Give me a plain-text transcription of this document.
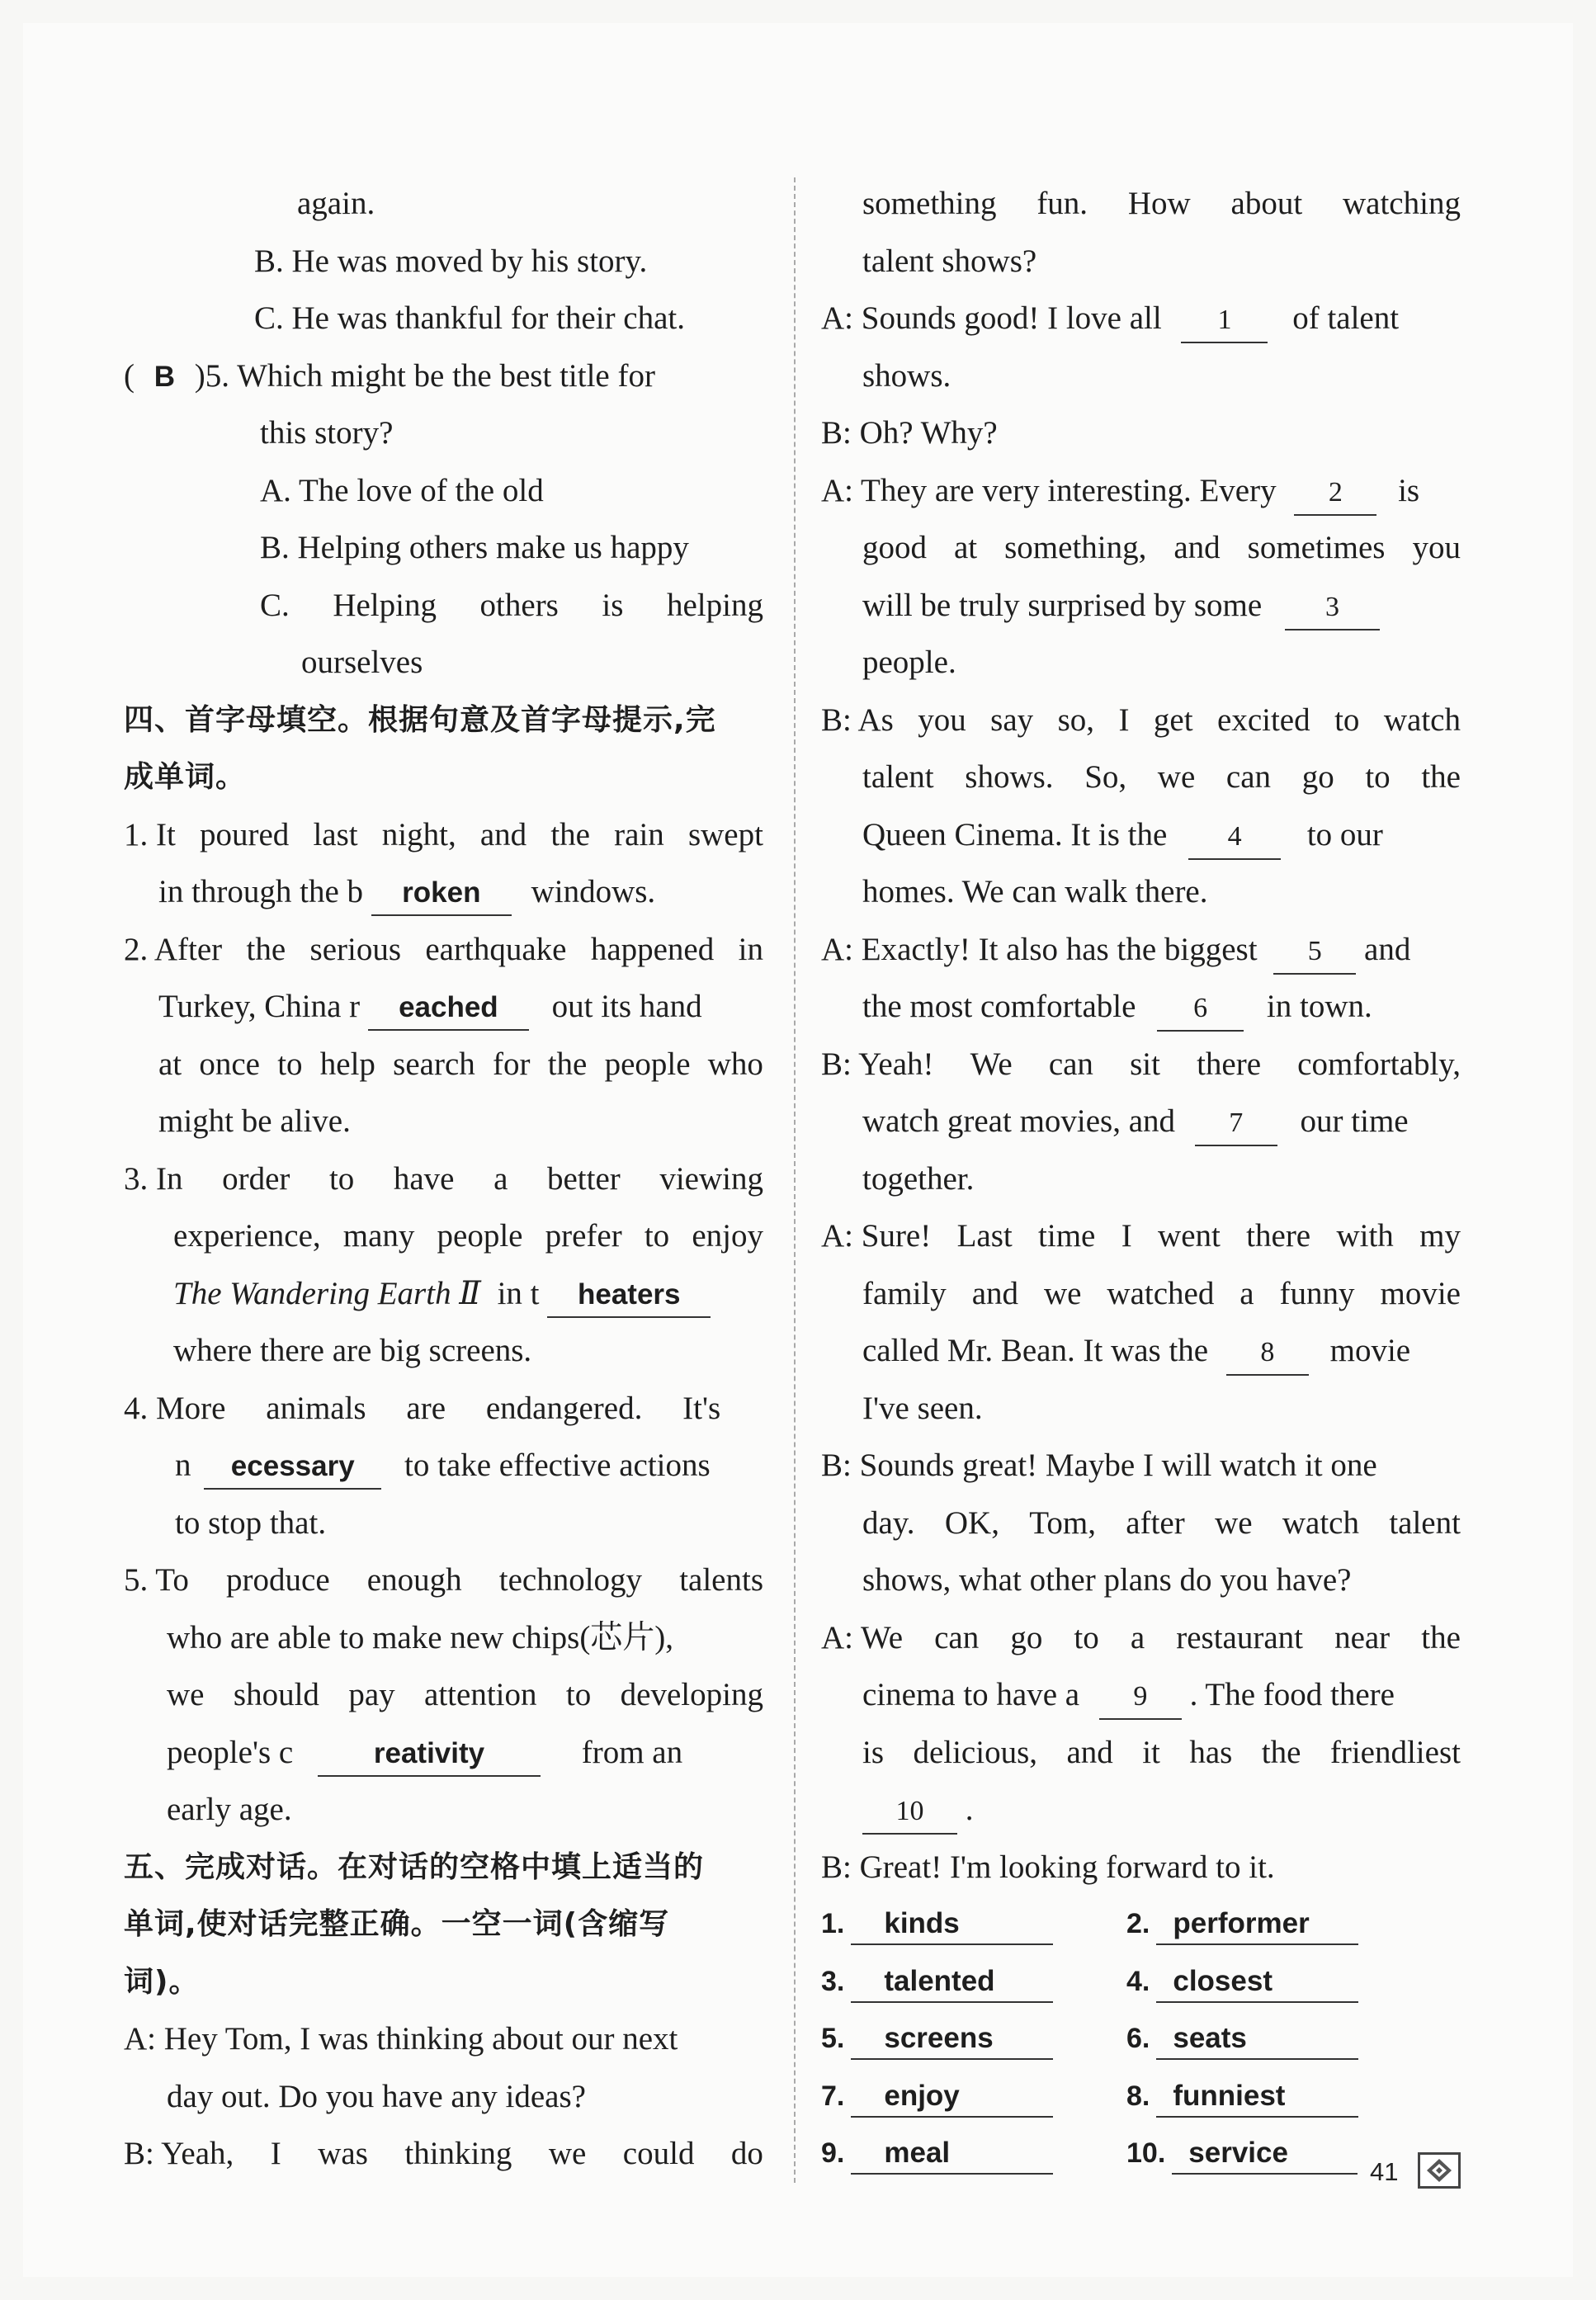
again.
B. He was moved by his story.
C. He was thankful for their chat.
( B )5. Which might be the best title for
this story?
A. The love of the old
B. Helping others make us happy
C. Helping others is helping
ourselves
四、首字母填空。根据句意及首字母提示,完
成单词。
1. It poured last night, and the rain swept
in through the b roken windows.
2. After the serious earthquake happened in
Turkey, China r eached out its hand
at once to help search for the people who
might be alive.
3. In order to have a better viewing
experience, many people prefer to enjoy
The Wandering Earth Ⅱ in t heaters
where there are big screens.
4. More animals are endangered. It's
n ecessary to take effective actions
to stop that.
5. To produce enough technology talents
who are able to make new chips(芯片),
we should pay attention to developing
people's c	reativity	from an
early age.
五、完成对话。在对话的空格中填上适当的
单词,使对话完整正确。一空一词(含缩写
词)。
A: Hey Tom, I was thinking about our next
day out. Do you have any ideas?
B: Yeah, I was thinking we could do
something fun. How about watching
talent shows?
A: Sounds good! I love all 1 of talent
shows.
B: Oh? Why?
A: They are very interesting. Every 2 is
good at something, and sometimes you
will be truly surprised by some 3
people.
B: As you say so, I get excited to watch
talent shows. So, we can go to the
Queen Cinema. It is the 4 to our
homes. We can walk there.
A: Exactly! It also has the biggest 5 and
the most comfortable 6 in town.
B: Yeah! We can sit there comfortably,
watch great movies, and 7 our time
together.
A: Sure! Last time I went there with my
family and we watched a funny movie
called Mr. Bean. It was the 8 movie
I've seen.
B: Sounds great! Maybe I will watch it one
day. OK, Tom, after we watch talent
shows, what other plans do you have?
A: We can go to a restaurant near the
cinema to have a 9 . The food there
is delicious, and it has the friendliest
10 .
B: Great! I'm looking forward to it.
1.	kinds	2. performer
3.	talented	4. closest
5.	screens	6. seats
7.	enjoy	8. funniest
9.	meal	10. service
41
